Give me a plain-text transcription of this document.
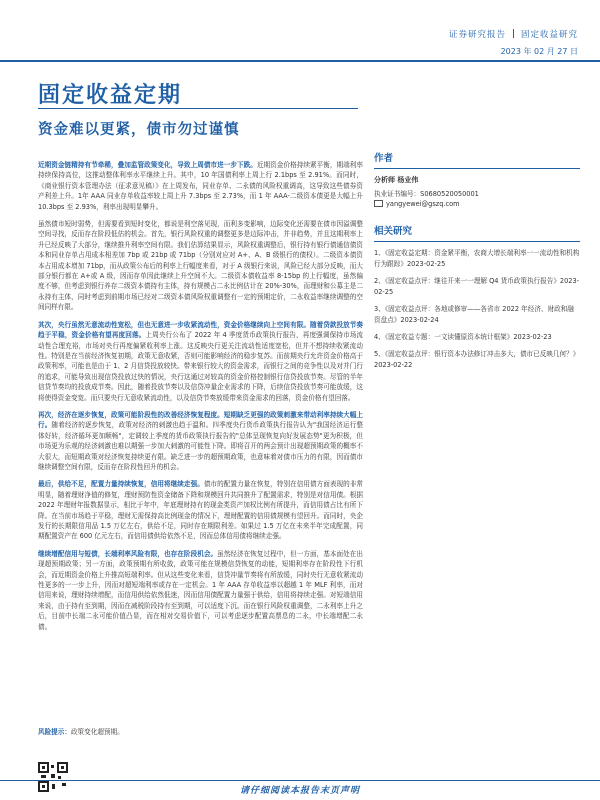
证券研究报告 固定收益研究
2023 年 02 月 27 日
固定收益定期
资金难以更紧，债市勿过谨慎

近期资金链精持有节牵稀，叠加监管政策变化，导致上周债市进一步下跌。近期资金价格持续紧平衡，期端利率持续保持高位，这推动整体利率水平继续上升。其中，10 年国债利率上周上行 2.1bps 至 2.91%。而同时，《商业银行资本管理办法（征求意见稿）》在上周发布，同业存单、二永债的风险权重调高，这导致这些债券资产利差上升。1年 AAA 同业存单收益率较上周上升 7.3bps 至 2.73%，而 1 年 AAA-二级资本债更是大幅上升 10.3bps 至 2.93%，利率出现明显攀升。

虽然债市短时弱势，但需要看到短时变化，都说是利空落见现，而利多变影响，边际变化还需要在债市因溢调整空间寻找，反而存在阶段低估的机会。首先，银行风险权重的调整更多是边际冲击，并非趋势，并且这期利率上升已经反映了大部分，继续推升利率空间有限。我们估算结果显示，风险权重调整后，银行持有银行债通信债资本和同业存单占用成本相差加 7bp 或 21bp 或 71bp（分别对应对 A+、A、B 级银行的债权）。二级资本债资本占用成本增加 71bp，而从政策公布后的利率上行幅度来看，对于 A 级银行来说，风险已经大部分反映，而大部分银行都在 A+或 A 级，因而存单因此继续上升空间不大。二级资本债收益率 8-15bp 的上行幅度，虽然偏度不够，但考虑到银行养存二级资本债持有主体，持有规模占二永比例估计在 20%-30%，而理财和公募主是二永持有主体，同时考虑到前期市场已经对二级资本债风险权重调整有一定的预期定价，二永收益率继续调整的空间同样有限。

其次，央行虽然无意流动性宽松，但也无意进一步收紧流动性，资金价格继续向上空间有限。随着贷款投放节奏趋于平稳，资金价格有望再度回落。上周央行公布了 2022 年 4 季度货币政策执行报告，再度强调保持市场流动性合理充裕，市场对央行再度偏紧收利率上涨。这反映央行更关注流动性适度宽松，但并不想持续收紧流动性。特别是在当前经济恢复初期，政策无意收紧，否则可能影响经济的稳步复苏。而前期央行允许资金价格高于政策利率，可能也是由于 1、2 月信贷投放较快。带来银行较大的资金需求，而银行之间的竞争性以及对并门行的追求，可能导致出现信贷投放过快的情况，央行这通过对较高的资金价格控制银行信贷投放节奏。尽管的半年信贷节奏均的投放成节奏。因此，随着投放节奏以及信贷冲量企业需求的下降，后续信贷投放节奏可能放缓，这将使得资金变宽。而只要央行无意收紧流动性，以及信贷节奏放缓带来资金需求的回落，资金价格有望回落。

再次，经济在逐步恢复，政策可能阶段性的改善经济恢复程度。短期缺乏更强的政策刺激来带动利率持续大幅上行。随着经济的逐步恢复，政策对经济的刺激也趋于温和。四季度央行货币政策执行报告认为"我国经济运行整体好转，经济循环更加顺畅"，定调较上季度的货币政策执行报告的"总体呈现恢复向好发展态势"更为积极，但市场更为乐观的经济刺激也难以期强一步加大刺激的可能性下降。即将召开的两会预计出现超预期政策的概率不大很大，而短期政策对经济恢复持续更有限。缺乏进一步的超预期政策，也意味着对债市压力的有限，因而债市继续调整空间有限，反而存在阶段性回升的机会。

最后，供给不足，配置力量持续恢复，信用将继续走强。债市的配置力量在恢复，特别在信用债方面表现的非常明显，随着理财净值的修复，理财预防性资金储备下降和规模回升共同推升了配置需求，特别是对信用债。根据 2022 年理财年报数据显示，相比于年中，年底理财持有的现金类资产加权比例有所提升，而信用债占比有所下降。在当前市场趋于平稳，理财无需保持高比例现金的情况下，理财配置的信用债规模有望回升。而同时，央企发行的长期限信用品 1.5 万亿左右，供给不足，同时存在期限利差。如果过 1.5 万亿在未来半年完成配置，同期配置资产在 600 亿元左右，而信用债供给依然不足，因而总体信用债将继续走强。

继续增配信用与短债，长端利率风险有限，也存在阶段机会。虽然经济在恢复过程中，但一方面，基本面处在出现超预期政策；另一方面，政策预期有所收敛，政策可能在规模信贷恢复的动能，短期利率存在阶段性下行机会，而近期资金价格上升推高短端利率。但从这些变化来看，信贷冲量节奏将有所放缓，同时央行无意收紧流动性更多的一一步上升，因而对超短端利率或存在一定机会。1 年 AAA 存单收益率以超越 1 年 MLF 利率，而对信用来说，理财持续增配，而信用供给依然低迷，因而信用债配置力量强于供给，信用将持续走强。对短端信用来说，由于持有至到期，因而在减税阶段持有至到期，可以适度下沉。而在银行风险权重调整，二永利率上升之后，目前中长端二永可能价值凸显，而在相对交易价值下，可以考虑逐步配置高票息的二永，中长端增配二永债。

作者
分析师 杨业伟
执业证书编号：S0680520050001
yangyewei@gszq.com
相关研究
1、《固定收益定期：资金紧平衡，农商大增长端利率一一流动性和机构行为跟踪》2023-02-25
2、《固定收益点评：继往开来一一理解 Q4 货币政策执行报告》2023-02-25
3、《固定收益点评：各地或修审——各省市 2022 年经济、财政和融资盘点》2023-02-24
4、《固定收益专题：一文读懂原资本统计框架》2023-02-23
5、《固定收益点评：银行资本办法修订冲击多大，债市已反映几何？》2023-02-22
风险提示：政策变化超预期。
请仔细阅读本报告末页声明
